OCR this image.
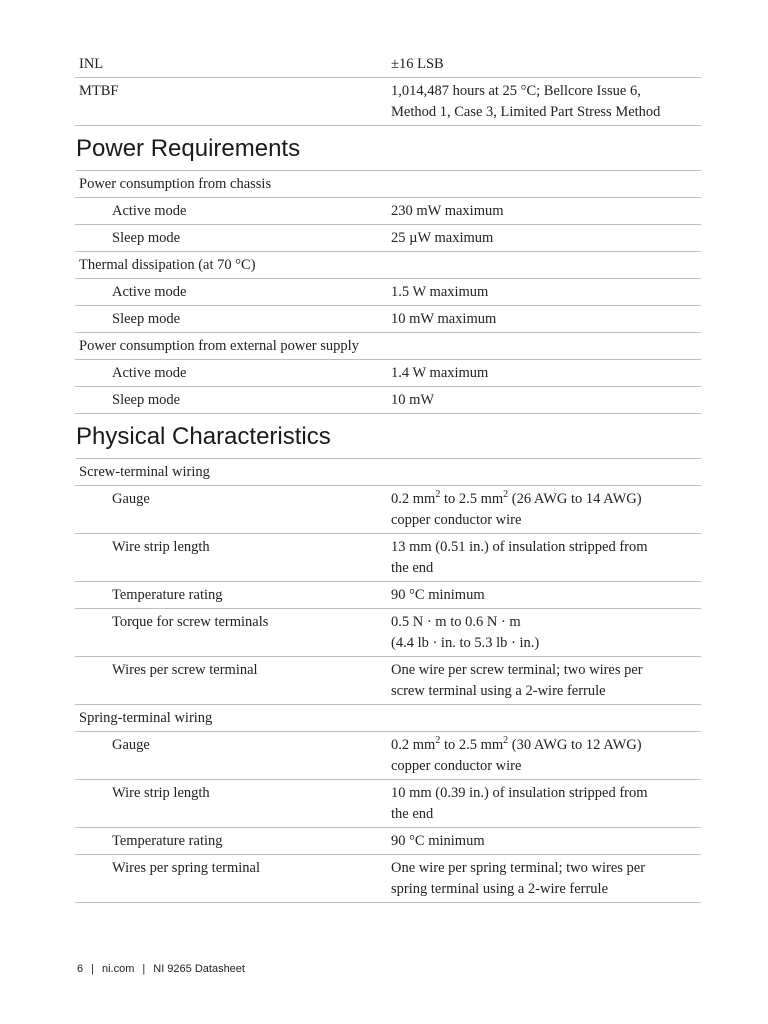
INL	±16 LSB
MTBF	1,014,487 hours at 25 °C; Bellcore Issue 6,
Method 1, Case 3, Limited Part Stress Method
Power Requirements
Power consumption from chassis
Active mode	230 mW maximum
Sleep mode	25 µW maximum
Thermal dissipation (at 70 °C)
Active mode	1.5 W maximum
Sleep mode	10 mW maximum
Power consumption from external power supply
Active mode	1.4 W maximum
Sleep mode	10 mW
Physical Characteristics
Screw-terminal wiring
Gauge	0.2 $mm^2$ to 2.5 $mm^2$ (26 AWG to 14 AWG)
copper conductor wire
Wire strip length	13 mm (0.51 in.) of insulation stripped from
the end
Temperature rating	90 °C minimum
Torque for screw terminals	0.5 N · m to 0.6 N · m
(4.4 lb · in. to 5.3 lb · in.)
Wires per screw terminal	One wire per screw terminal; two wires per
screw terminal using a 2-wire ferrule
Spring-terminal wiring
Gauge	0.2 $mm^2$ to 2.5 $mm^2$ (30 AWG to 12 AWG)
copper conductor wire
Wire strip length	10 mm (0.39 in.) of insulation stripped from
the end
Temperature rating	90 °C minimum
Wires per spring terminal	One wire per spring terminal; two wires per
spring terminal using a 2-wire ferrule
6 | ni.com | NI 9265 Datasheet
